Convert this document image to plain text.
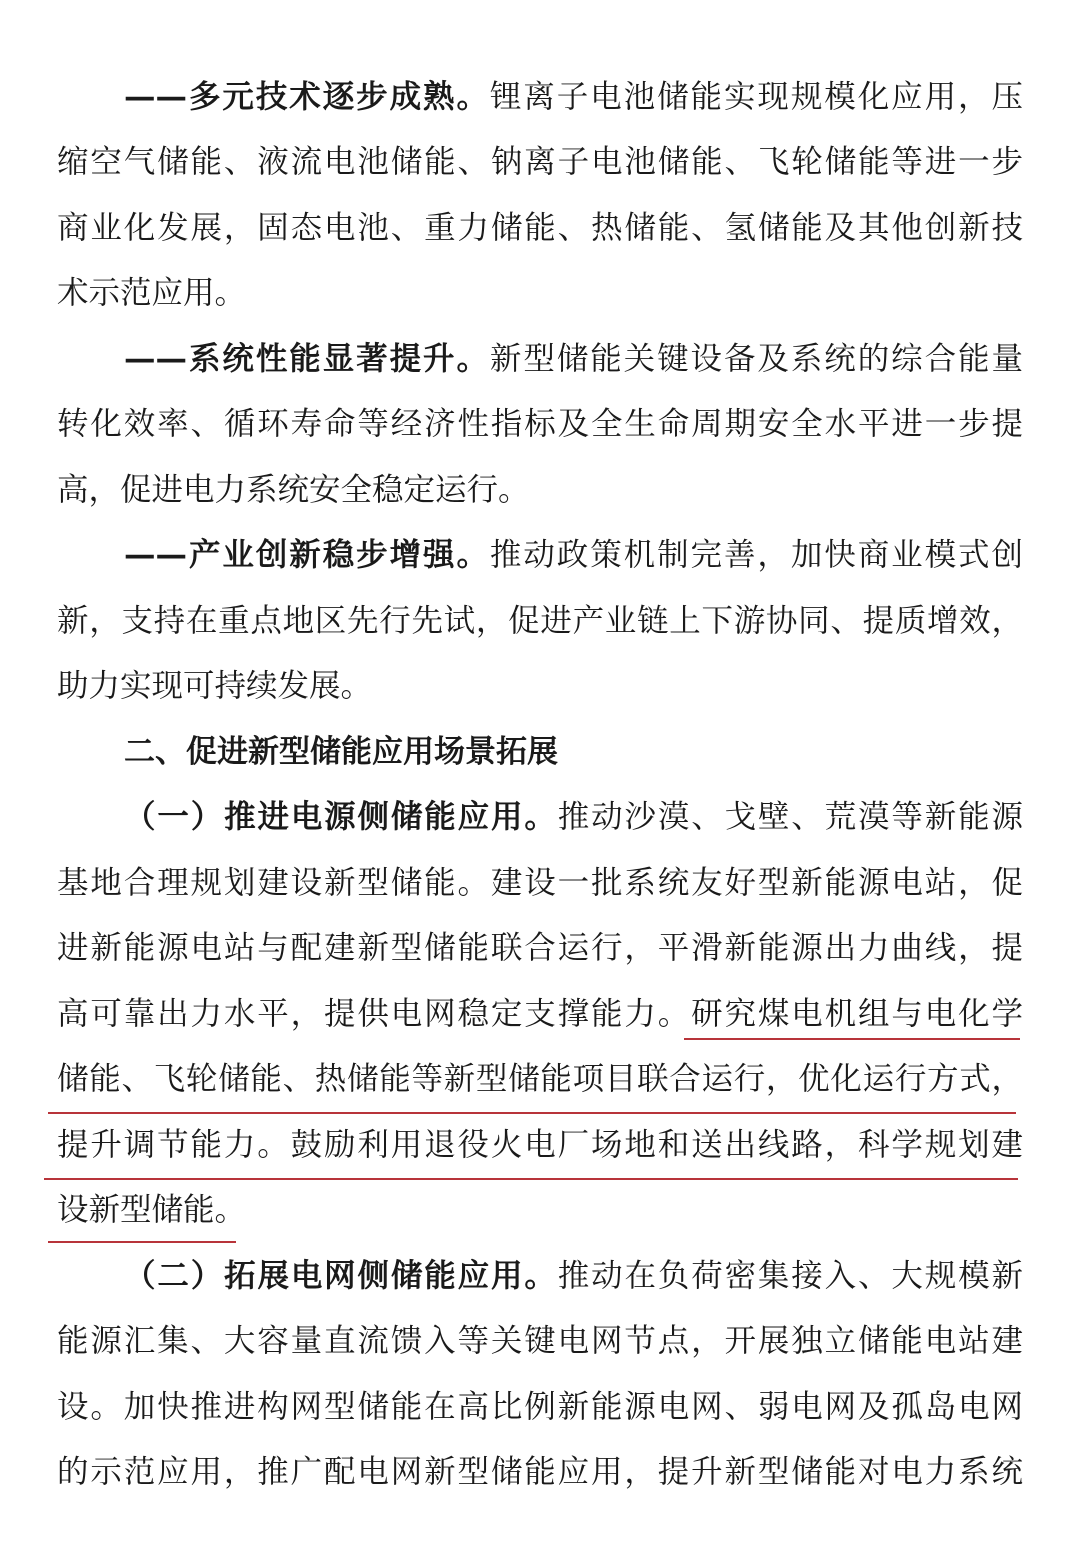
——多元技术逐步成熟。锂离子电池储能实现规模化应用，压
缩空气储能、液流电池储能、钠离子电池储能、飞轮储能等进一步
商业化发展，固态电池、重力储能、热储能、氢储能及其他创新技
术示范应用。
——系统性能显著提升。新型储能关键设备及系统的综合能量
转化效率、循环寿命等经济性指标及全生命周期安全水平进一步提
高，促进电力系统安全稳定运行。
——产业创新稳步增强。推动政策机制完善，加快商业模式创
新，支持在重点地区先行先试，促进产业链上下游协同、提质增效，
助力实现可持续发展。
二、促进新型储能应用场景拓展
（一）推进电源侧储能应用。推动沙漠、戈壁、荒漠等新能源
基地合理规划建设新型储能。建设一批系统友好型新能源电站，促
进新能源电站与配建新型储能联合运行，平滑新能源出力曲线，提
高可靠出力水平，提供电网稳定支撑能力。研究煤电机组与电化学
储能、飞轮储能、热储能等新型储能项目联合运行，优化运行方式，
提升调节能力。鼓励利用退役火电厂场地和送出线路，科学规划建
设新型储能。
（二）拓展电网侧储能应用。推动在负荷密集接入、大规模新
能源汇集、大容量直流馈入等关键电网节点，开展独立储能电站建
设。加快推进构网型储能在高比例新能源电网、弱电网及孤岛电网
的示范应用，推广配电网新型储能应用，提升新型储能对电力系统
